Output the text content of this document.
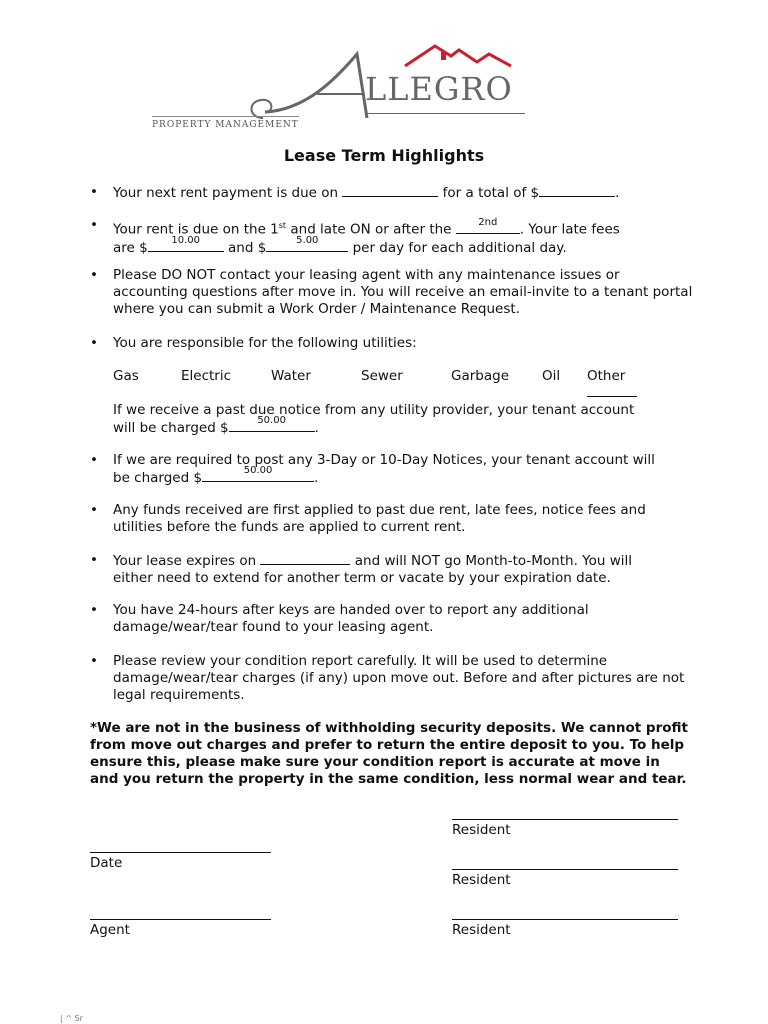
LLEGRO
PROPERTY MANAGEMENT
Lease Term Highlights
• Your next rent payment is due on	for a total of $	.
• Your rent is due on the 1st and late ON or after the	2nd	. Your late fees
are $	10.00	and $	5.00	per day for each additional day.
• Please DO NOT contact your leasing agent with any maintenance issues or accounting questions after move in. You will receive an email-invite to a tenant portal where you can submit a Work Order / Maintenance Request.
• You are responsible for the following utilities:
Gas	Electric	Water	Sewer	Garbage Oil Other
If we receive a past due notice from any utility provider, your tenant account
will be charged $	50.00	.
• If we are required to post any 3-Day or 10-Day Notices, your tenant account will
be charged $	50.00	.
• Any funds received are first applied to past due rent, late fees, notice fees and utilities before the funds are applied to current rent.
• Your lease expires on	and will NOT go Month-to-Month. You will
either need to extend for another term or vacate by your expiration date.
• You have 24-hours after keys are handed over to report any additional damage/wear/tear found to your leasing agent.
• Please review your condition report carefully. It will be used to determine damage/wear/tear charges (if any) upon move out. Before and after pictures are not legal requirements.
*We are not in the business of withholding security deposits. We cannot profit from move out charges and prefer to return the entire deposit to you. To help ensure this, please make sure your condition report is accurate at move in and you return the property in the same condition, less normal wear and tear.
Resident
Date
Resident
Agent	Resident
| ^ Sr
